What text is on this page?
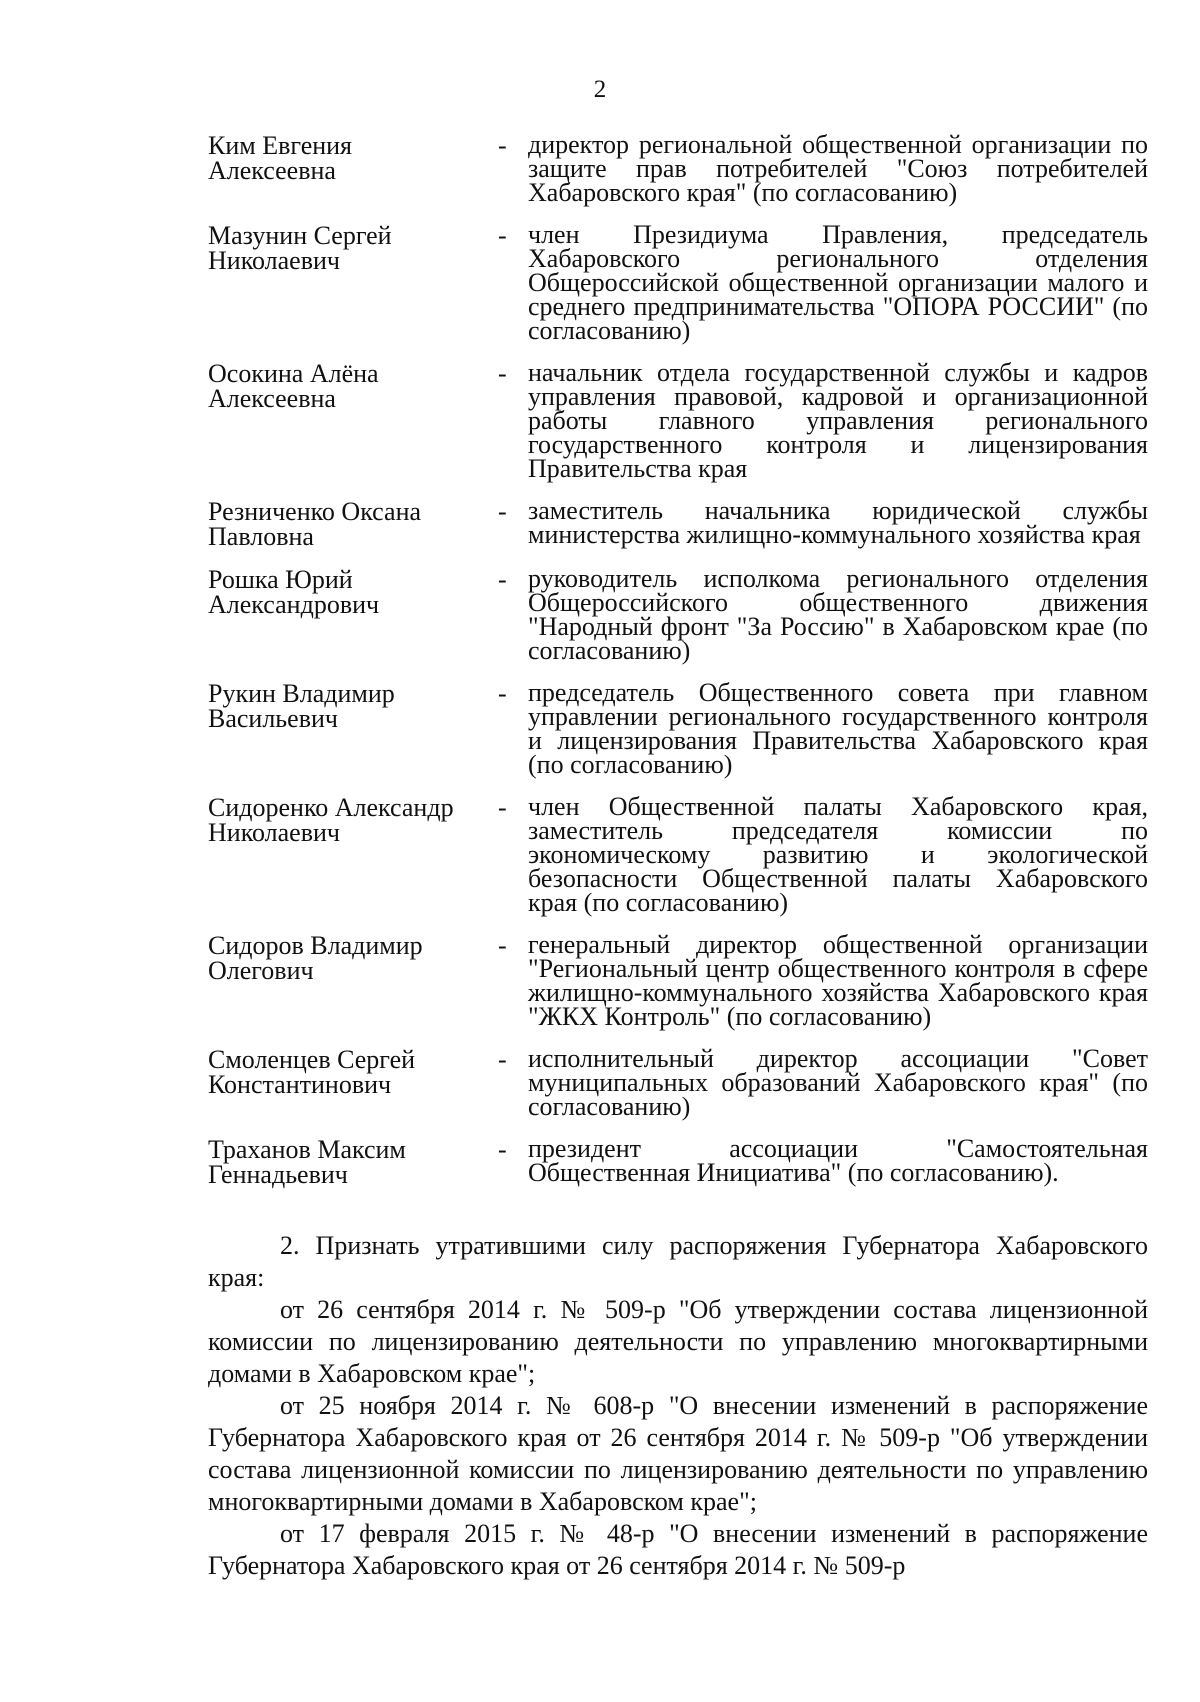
2
Ким Евгения
Алексеевна
- директор региональной общественной организации по защите прав потребителей "Союз потребителей Хабаровского края" (по согласованию)
Мазунин Сергей
Николаевич
- член Президиума Правления, председатель Хабаровского регионального отделения Общероссийской общественной организации малого и среднего предпринимательства "ОПОРА РОССИИ" (по согласованию)
Осокина Алёна
Алексеевна
- начальник отдела государственной службы и кадров управления правовой, кадровой и организационной работы главного управления регионального государственного контроля и лицензирования Правительства края
Резниченко Оксана
Павловна
- заместитель начальника юридической службы министерства жилищно-коммунального хозяйства края
Рошка Юрий
Александрович
- руководитель исполкома регионального отделения Общероссийского общественного движения "Народный фронт "За Россию" в Хабаровском крае (по согласованию)
Рукин Владимир
Васильевич
- председатель Общественного совета при главном управлении регионального государственного контроля и лицензирования Правительства Хабаровского края (по согласованию)
Сидоренко Александр
Николаевич
- член Общественной палаты Хабаровского края, заместитель председателя комиссии по экономическому развитию и экологической безопасности Общественной палаты Хабаровского края (по согласованию)
Сидоров Владимир
Олегович
- генеральный директор общественной организации "Региональный центр общественного контроля в сфере жилищно-коммунального хозяйства Хабаровского края "ЖКХ Контроль" (по согласованию)
Смоленцев Сергей
Константинович
- исполнительный директор ассоциации "Совет муниципальных образований Хабаровского края" (по согласованию)
Траханов Максим
Геннадьевич
- президент ассоциации "Самостоятельная Общественная Инициатива" (по согласованию).

2. Признать утратившими силу распоряжения Губернатора Хабаровского края:

от 26 сентября 2014 г. № 509-р "Об утверждении состава лицензионной комиссии по лицензированию деятельности по управлению многоквартирными домами в Хабаровском крае";

от 25 ноября 2014 г. № 608-р "О внесении изменений в распоряжение Губернатора Хабаровского края от 26 сентября 2014 г. № 509-р "Об утверждении состава лицензионной комиссии по лицензированию деятельности по управлению многоквартирными домами в Хабаровском крае";

от 17 февраля 2015 г. № 48-р "О внесении изменений в распоряжение Губернатора Хабаровского края от 26 сентября 2014 г. № 509-р
